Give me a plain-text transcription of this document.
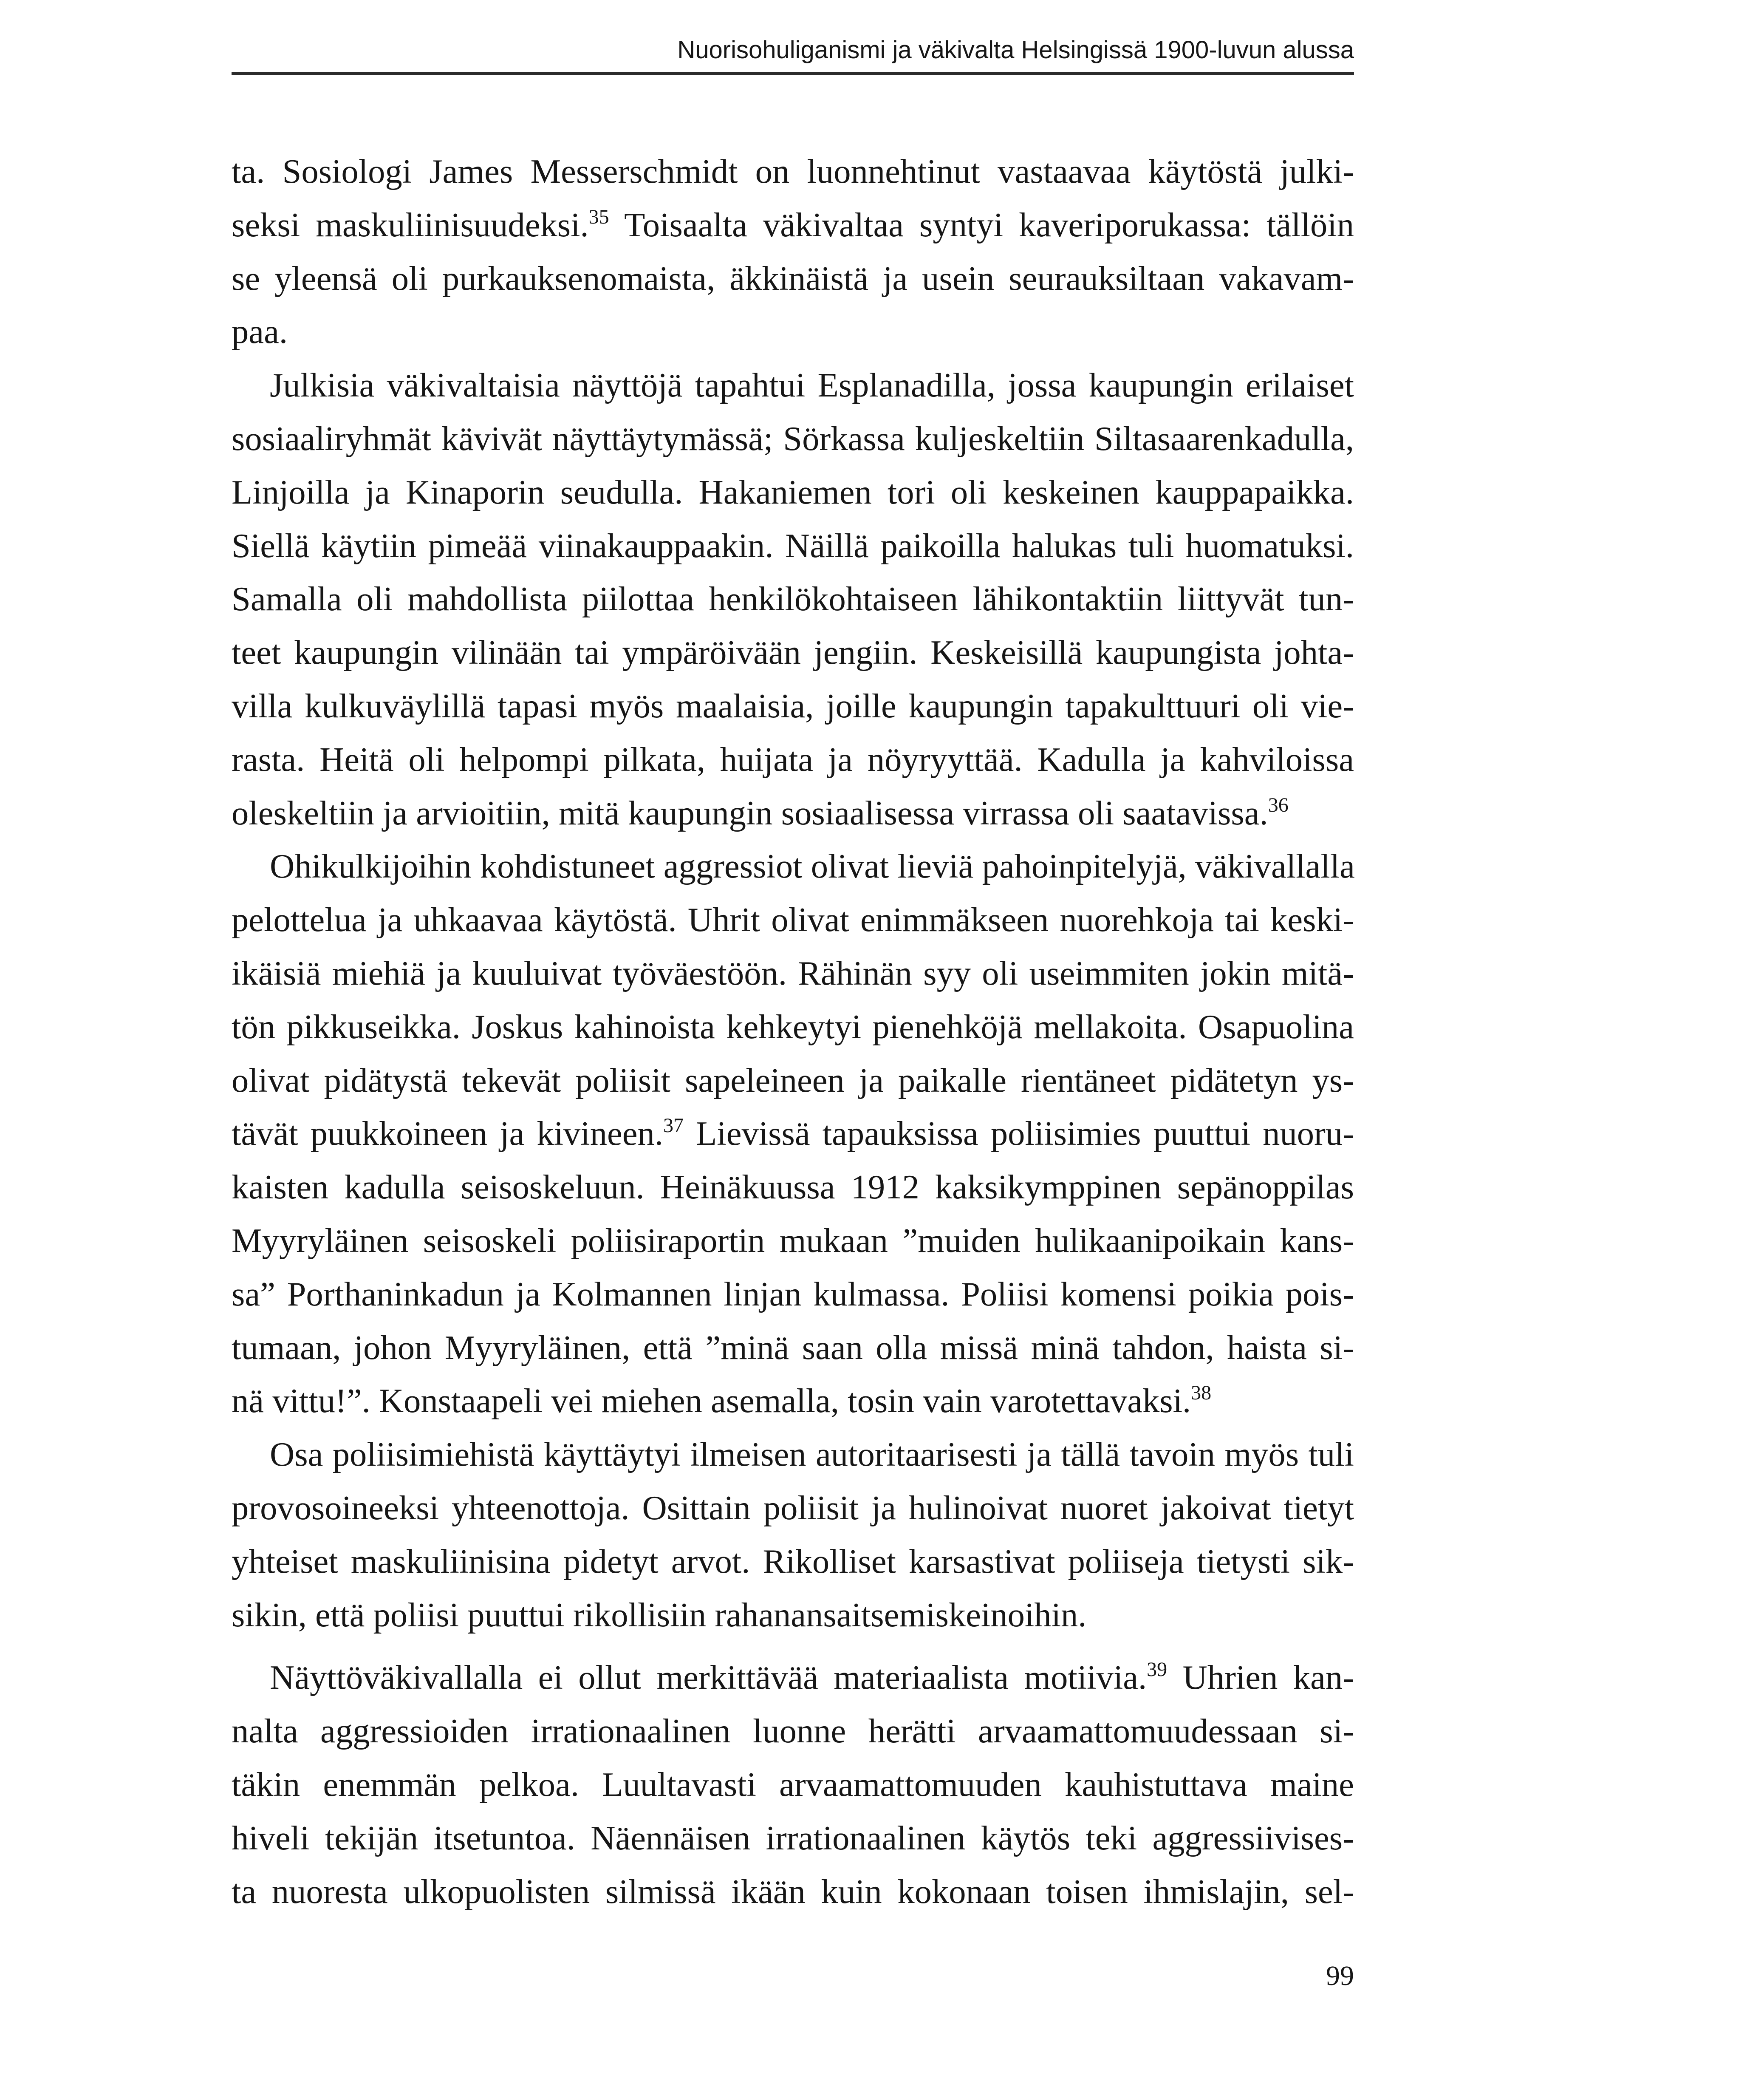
Nuorisohuliganismi ja väkivalta Helsingissä 1900-luvun alussa
ta. Sosiologi James Messerschmidt on luonnehtinut vastaavaa käytöstä julki-
seksi maskuliinisuudeksi.$^{35}$ Toisaalta väkivaltaa syntyi kaveriporukassa: tällöin
se yleensä oli purkauksenomaista, äkkinäistä ja usein seurauksiltaan vakavam-
paa.
Julkisia väkivaltaisia näyttöjä tapahtui Esplanadilla, jossa kaupungin erilaiset
sosiaaliryhmät kävivät näyttäytymässä; Sörkassa kuljeskeltiin Siltasaarenkadulla,
Linjoilla ja Kinaporin seudulla. Hakaniemen tori oli keskeinen kauppapaikka.
Siellä käytiin pimeää viinakauppaakin. Näillä paikoilla halukas tuli huomatuksi.
Samalla oli mahdollista piilottaa henkilökohtaiseen lähikontaktiin liittyvät tun-
teet kaupungin vilinään tai ympäröivään jengiin. Keskeisillä kaupungista johta-
villa kulkuväylillä tapasi myös maalaisia, joille kaupungin tapakulttuuri oli vie-
rasta. Heitä oli helpompi pilkata, huijata ja nöyryyttää. Kadulla ja kahviloissa
oleskeltiin ja arvioitiin, mitä kaupungin sosiaalisessa virrassa oli saatavissa.$^{36}$
Ohikulkijoihin kohdistuneet aggressiot olivat lieviä pahoinpitelyjä, väkivallalla
pelottelua ja uhkaavaa käytöstä. Uhrit olivat enimmäkseen nuorehkoja tai keski-
ikäisiä miehiä ja kuuluivat työväestöön. Rähinän syy oli useimmiten jokin mitä-
tön pikkuseikka. Joskus kahinoista kehkeytyi pienehköjä mellakoita. Osapuolina
olivat pidätystä tekevät poliisit sapeleineen ja paikalle rientäneet pidätetyn ys-
tävät puukkoineen ja kivineen.$^{37}$ Lievissä tapauksissa poliisimies puuttui nuoru-
kaisten kadulla seisoskeluun. Heinäkuussa 1912 kaksikymppinen sepänoppilas
Myyryläinen seisoskeli poliisiraportin mukaan ”muiden hulikaanipoikain kans-
sa” Porthaninkadun ja Kolmannen linjan kulmassa. Poliisi komensi poikia pois-
tumaan, johon Myyryläinen, että ”minä saan olla missä minä tahdon, haista si-
nä vittu!”. Konstaapeli vei miehen asemalla, tosin vain varotettavaksi.$^{38}$
Osa poliisimiehistä käyttäytyi ilmeisen autoritaarisesti ja tällä tavoin myös tuli
provosoineeksi yhteenottoja. Osittain poliisit ja hulinoivat nuoret jakoivat tietyt
yhteiset maskuliinisina pidetyt arvot. Rikolliset karsastivat poliiseja tietysti sik-
sikin, että poliisi puuttui rikollisiin rahanansaitsemiskeinoihin.
Näyttöväkivallalla ei ollut merkittävää materiaalista motiivia.$^{39}$ Uhrien kan-
nalta aggressioiden irrationaalinen luonne herätti arvaamattomuudessaan si-
täkin enemmän pelkoa. Luultavasti arvaamattomuuden kauhistuttava maine
hiveli tekijän itsetuntoa. Näennäisen irrationaalinen käytös teki aggressiivises-
ta nuoresta ulkopuolisten silmissä ikään kuin kokonaan toisen ihmislajin, sel-
99
